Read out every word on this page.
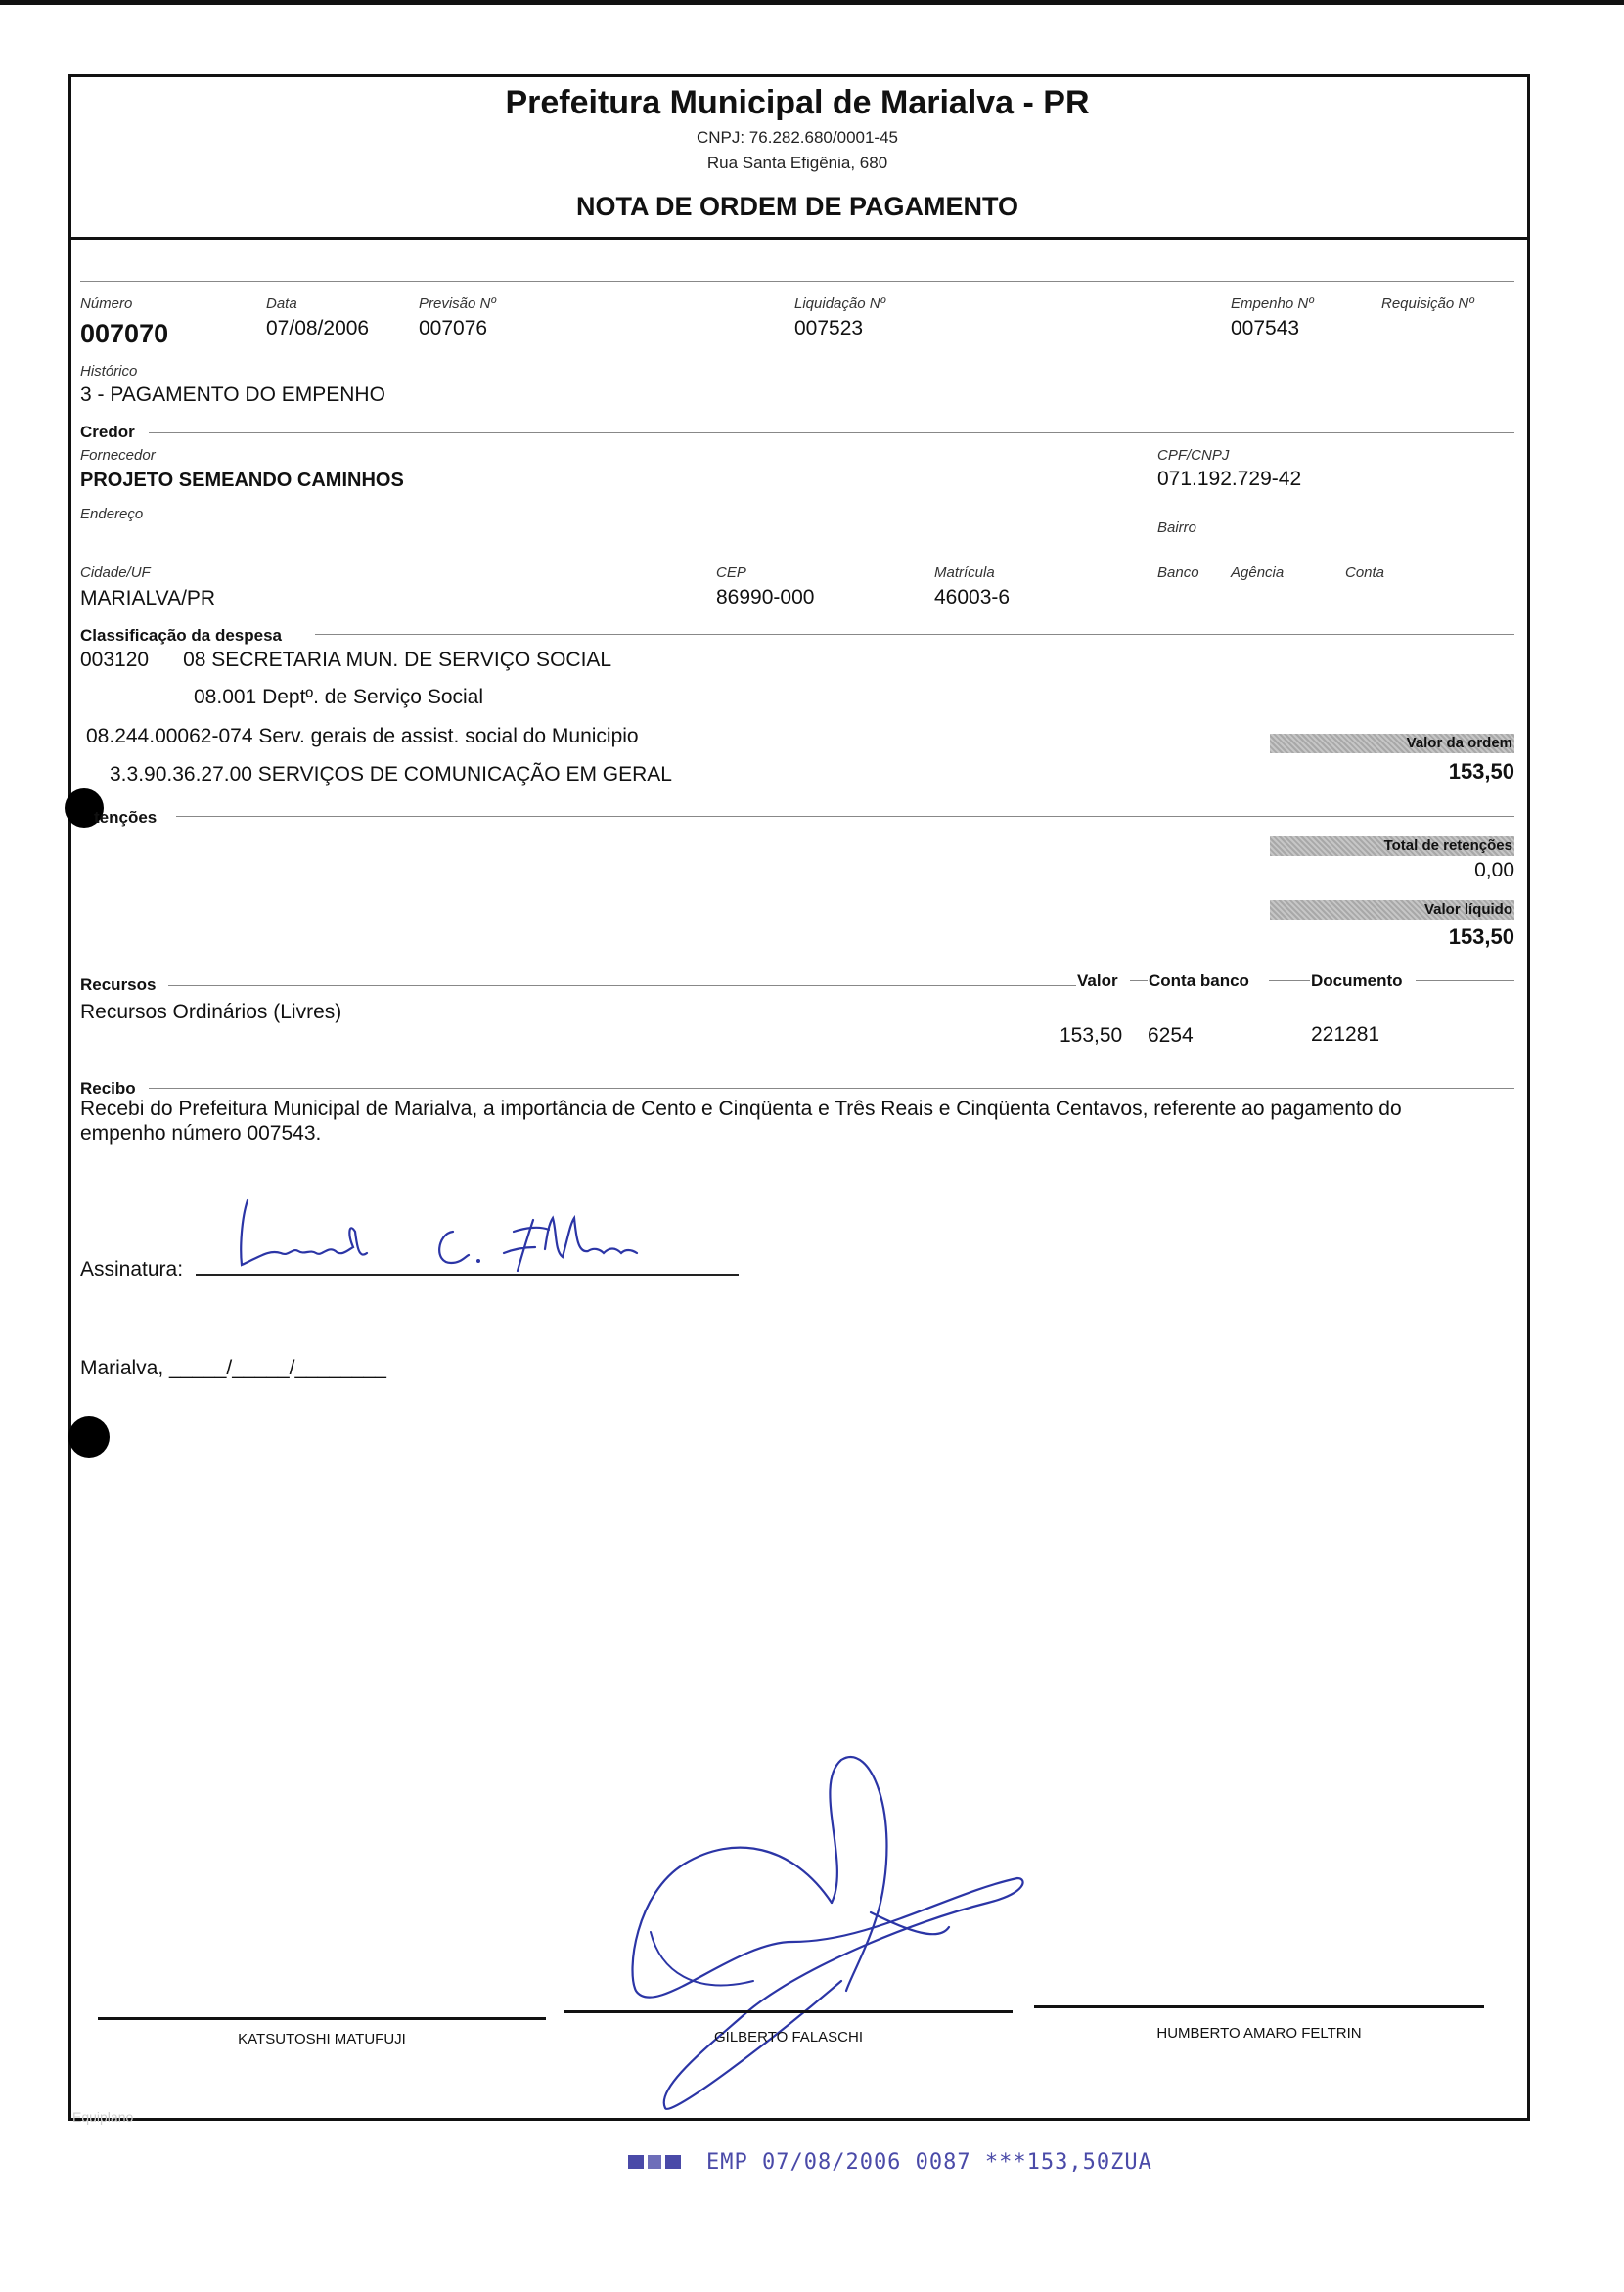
Prefeitura Municipal de Marialva - PR
CNPJ: 76.282.680/0001-45
Rua Santa Efigênia, 680
NOTA DE ORDEM DE PAGAMENTO
Número
007070
Data
07/08/2006
Previsão Nº
007076
Liquidação Nº
007523
Empenho Nº
007543
Requisição Nº
Histórico
3 - PAGAMENTO DO EMPENHO
Credor
Fornecedor
PROJETO SEMEANDO CAMINHOS
CPF/CNPJ
071.192.729-42
Endereço
Bairro
Cidade/UF
MARIALVA/PR
CEP
86990-000
Matrícula
46003-6
Banco Agência	Conta
Classificação da despesa
003120      08 SECRETARIA MUN. DE SERVIÇO SOCIAL
08.001 Deptº. de Serviço Social
08.244.00062-074 Serv. gerais de assist. social do Municipio
3.3.90.36.27.00 SERVIÇOS DE COMUNICAÇÃO EM GERAL
Valor da ordem
153,50
tenções
Total de retenções
0,00
Valor líquido
153,50
Recursos	Valor Conta banco	Documento
Recursos Ordinários (Livres)
153,50 6254	221281
Recibo
Recebi do Prefeitura Municipal de Marialva, a importância de Cento e Cinqüenta e Três Reais e Cinqüenta Centavos, referente ao pagamento do empenho número 007543.
Assinatura:
Marialva, _____/_____/________
KATSUTOSHI MATUFUJI	GILBERTO FALASCHI	HUMBERTO AMARO FELTRIN
Equiplano
EMP 07/08/2006 0087 ***153,50ZUA
